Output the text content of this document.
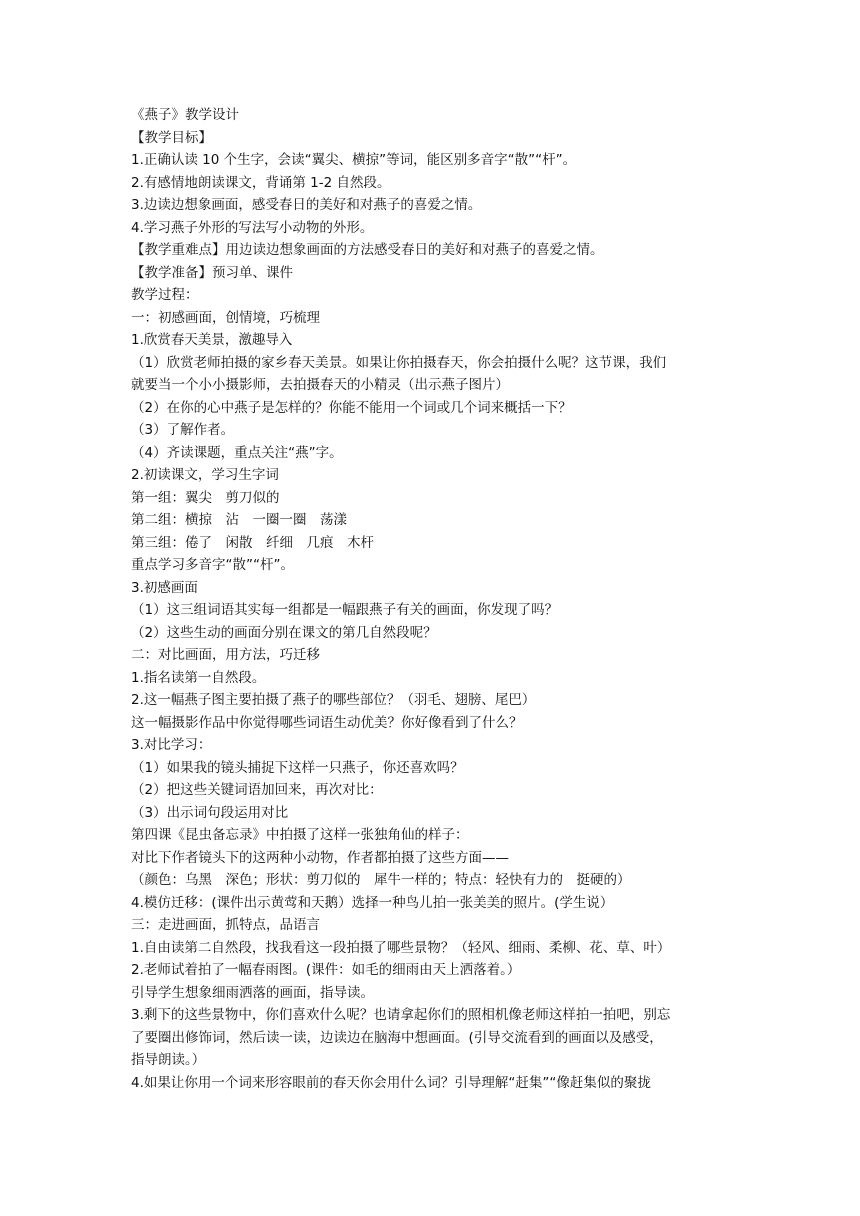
《燕子》教学设计
【教学目标】
1.正确认读 10 个生字，会读“翼尖、横掠”等词，能区别多音字“散”“杆”。
2.有感情地朗读课文，背诵第 1-2 自然段。
3.边读边想象画面，感受春日的美好和对燕子的喜爱之情。
4.学习燕子外形的写法写小动物的外形。
【教学重难点】用边读边想象画面的方法感受春日的美好和对燕子的喜爱之情。
【教学准备】预习单、课件
教学过程：
一：初感画面，创情境，巧梳理
1.欣赏春天美景，激趣导入
（1）欣赏老师拍摄的家乡春天美景。如果让你拍摄春天，你会拍摄什么呢？这节课，我们
就要当一个小小摄影师，去拍摄春天的小精灵（出示燕子图片）
（2）在你的心中燕子是怎样的？你能不能用一个词或几个词来概括一下？
（3）了解作者。
（4）齐读课题，重点关注“燕”字。
2.初读课文，学习生字词
第一组：翼尖　剪刀似的
第二组：横掠　沾　一圈一圈　荡漾
第三组：倦了　闲散　纤细　几痕　木杆
重点学习多音字“散”“杆”。
3.初感画面
（1）这三组词语其实每一组都是一幅跟燕子有关的画面，你发现了吗？
（2）这些生动的画面分别在课文的第几自然段呢？
二：对比画面，用方法，巧迁移
1.指名读第一自然段。
2.这一幅燕子图主要拍摄了燕子的哪些部位？（羽毛、翅膀、尾巴）
这一幅摄影作品中你觉得哪些词语生动优美？你好像看到了什么？
3.对比学习：
（1）如果我的镜头捕捉下这样一只燕子，你还喜欢吗？
（2）把这些关键词语加回来，再次对比：
（3）出示词句段运用对比
第四课《昆虫备忘录》中拍摄了这样一张独角仙的样子：
对比下作者镜头下的这两种小动物，作者都拍摄了这些方面——
（颜色：乌黑　深色；形状：剪刀似的　犀牛一样的；特点：轻快有力的　挺硬的）
4.模仿迁移：(课件出示黄莺和天鹅）选择一种鸟儿拍一张美美的照片。(学生说）
三：走进画面，抓特点，品语言
1.自由读第二自然段，找我看这一段拍摄了哪些景物？（轻风、细雨、柔柳、花、草、叶）
2.老师试着拍了一幅春雨图。(课件：如毛的细雨由天上洒落着。）
引导学生想象细雨洒落的画面，指导读。
3.剩下的这些景物中，你们喜欢什么呢？也请拿起你们的照相机像老师这样拍一拍吧，别忘
了要圈出修饰词，然后读一读，边读边在脑海中想画面。(引导交流看到的画面以及感受，
指导朗读。）
4.如果让你用一个词来形容眼前的春天你会用什么词？引导理解“赶集”“像赶集似的聚拢
